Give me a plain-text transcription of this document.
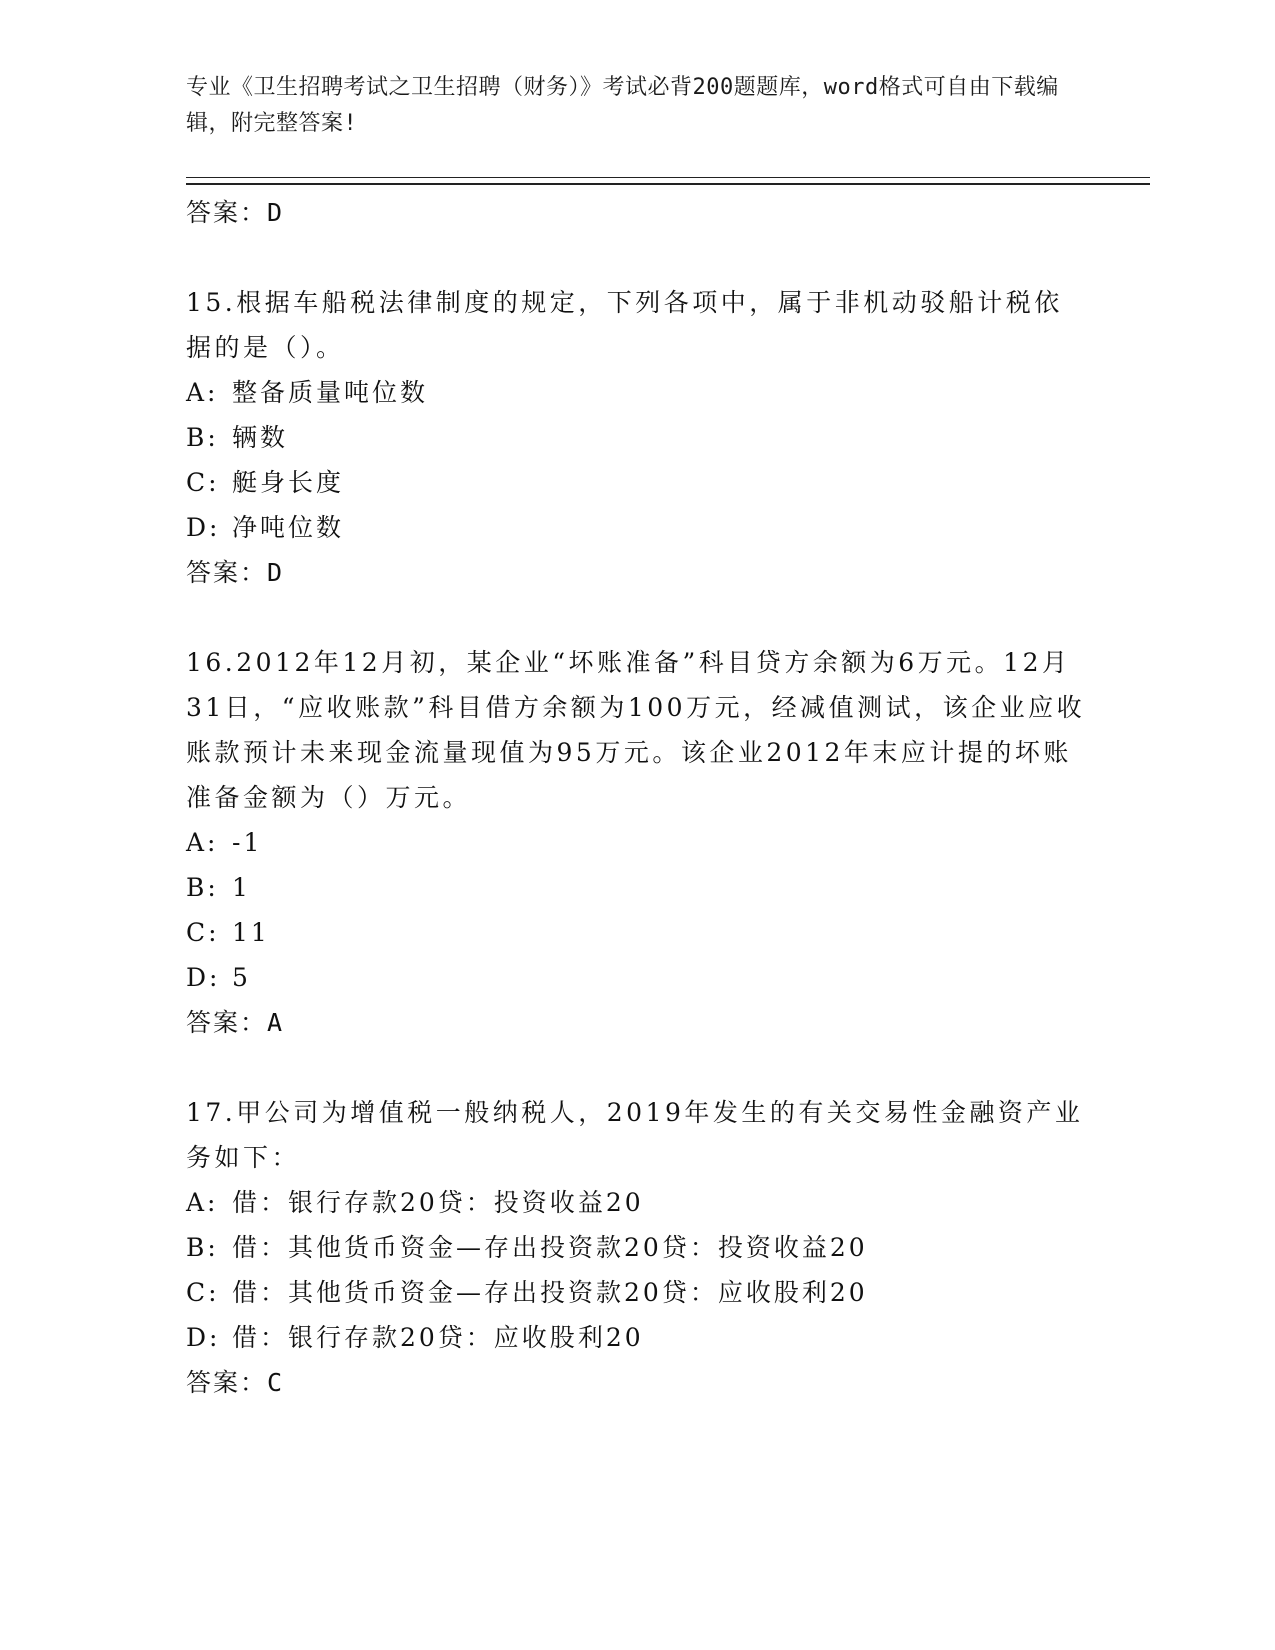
专业《卫生招聘考试之卫生招聘（财务）》考试必背200题题库，word格式可自由下载编辑，附完整答案!
答案：D
15.根据车船税法律制度的规定，下列各项中，属于非机动驳船计税依据的是（）。
A: 整备质量吨位数
B: 辆数
C: 艇身长度
D: 净吨位数
答案：D
16.2012年12月初，某企业“坏账准备”科目贷方余额为6万元。12月31日，“应收账款”科目借方余额为100万元，经减值测试，该企业应收账款预计未来现金流量现值为95万元。该企业2012年末应计提的坏账准备金额为（）万元。
A: -1
B: 1
C: 11
D: 5
答案：A
17.甲公司为增值税一般纳税人，2019年发生的有关交易性金融资产业务如下：
A: 借：银行存款20贷：投资收益20
B: 借：其他货币资金—存出投资款20贷：投资收益20
C: 借：其他货币资金—存出投资款20贷：应收股利20
D: 借：银行存款20贷：应收股利20
答案：C
